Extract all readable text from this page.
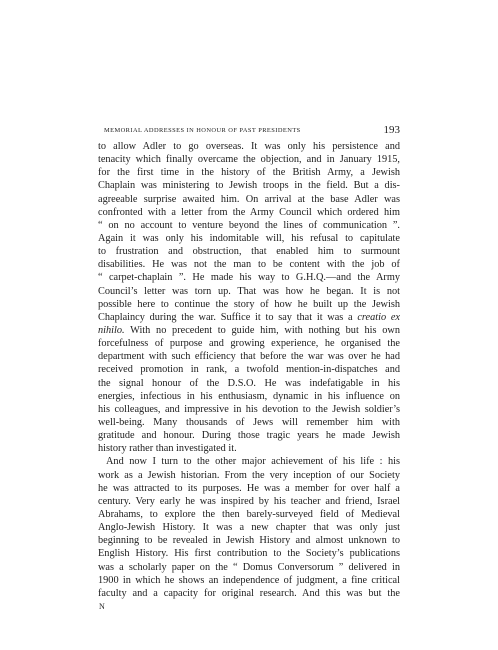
MEMORIAL ADDRESSES IN HONOUR OF PAST PRESIDENTS	193
to allow Adler to go overseas. It was only his persistence and
tenacity which finally overcame the objection, and in January 1915,
for the first time in the history of the British Army, a Jewish
Chaplain was ministering to Jewish troops in the field. But a dis-
agreeable surprise awaited him. On arrival at the base Adler was
confronted with a letter from the Army Council which ordered him
“ on no account to venture beyond the lines of communication ”.
Again it was only his indomitable will, his refusal to capitulate
to frustration and obstruction, that enabled him to surmount
disabilities. He was not the man to be content with the job of
“ carpet-chaplain ”. He made his way to G.H.Q.—and the Army
Council’s letter was torn up. That was how he began. It is not
possible here to continue the story of how he built up the Jewish
Chaplaincy during the war. Suffice it to say that it was a creatio ex
nihilo. With no precedent to guide him, with nothing but his own
forcefulness of purpose and growing experience, he organised the
department with such efficiency that before the war was over he had
received promotion in rank, a twofold mention-in-dispatches and
the signal honour of the D.S.O. He was indefatigable in his
energies, infectious in his enthusiasm, dynamic in his influence on
his colleagues, and impressive in his devotion to the Jewish soldier’s
well-being. Many thousands of Jews will remember him with
gratitude and honour. During those tragic years he made Jewish
history rather than investigated it.
And now I turn to the other major achievement of his life : his
work as a Jewish historian. From the very inception of our Society
he was attracted to its purposes. He was a member for over half a
century. Very early he was inspired by his teacher and friend, Israel
Abrahams, to explore the then barely-surveyed field of Medieval
Anglo-Jewish History. It was a new chapter that was only just
beginning to be revealed in Jewish History and almost unknown to
English History. His first contribution to the Society’s publications
was a scholarly paper on the “ Domus Conversorum ” delivered in
1900 in which he shows an independence of judgment, a fine critical
faculty and a capacity for original research. And this was but the
N
